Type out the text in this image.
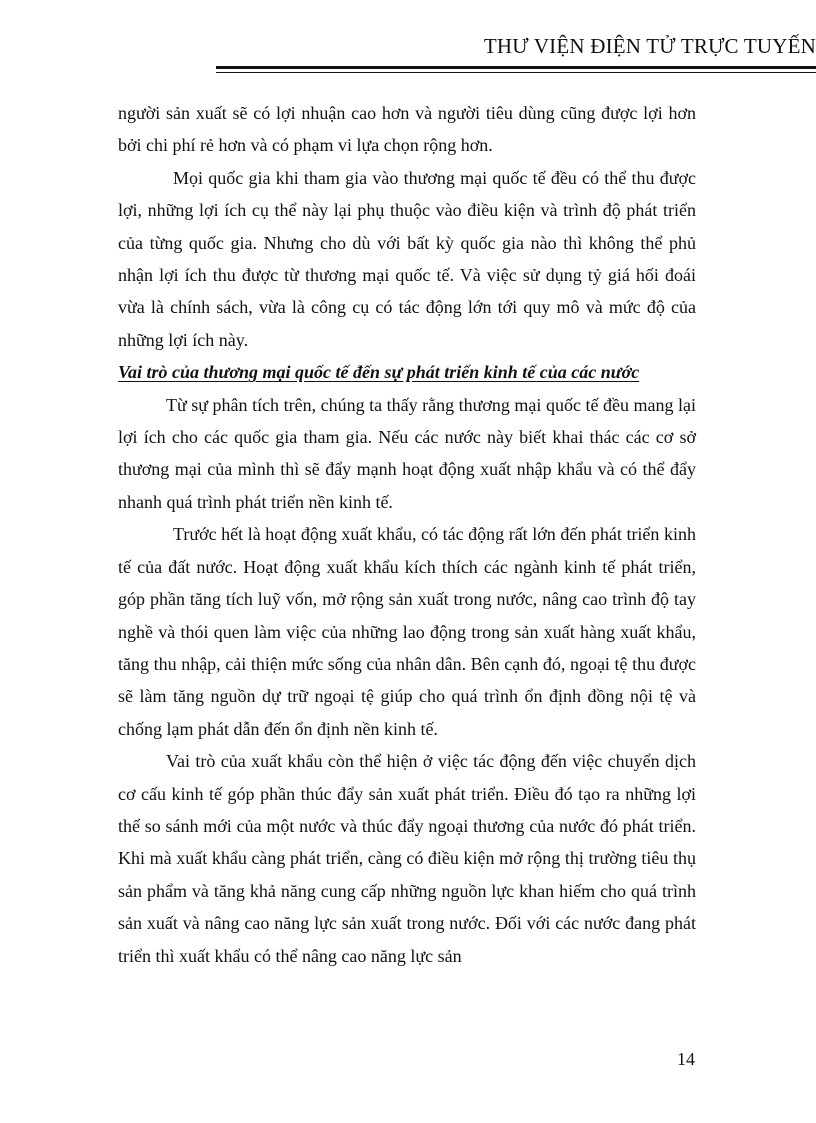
THƯ VIỆN ĐIỆN TỬ TRỰC TUYẾN

người sản xuất sẽ có lợi nhuận cao hơn và người tiêu dùng cũng được lợi hơn bởi chi phí rẻ hơn và có phạm vi lựa chọn rộng hơn.

Mọi quốc gia khi tham gia vào thương mại quốc tế đều có thể thu được lợi, những lợi ích cụ thể này lại phụ thuộc vào điều kiện và trình độ phát triển của từng quốc gia. Nhưng cho dù với bất kỳ quốc gia nào thì không thể phủ nhận lợi ích thu được từ thương mại quốc tế. Và việc sử dụng tỷ giá hối đoái vừa là chính sách, vừa là công cụ có tác động lớn tới quy mô và mức độ của những lợi ích này.

Vai trò của thương mại quốc tế đến sự phát triển kinh tế của các nước

Từ sự phân tích trên, chúng ta thấy rằng thương mại quốc tế đều mang lại lợi ích cho các quốc gia tham gia. Nếu các nước này biết khai thác các cơ sở thương mại của mình thì sẽ đẩy mạnh hoạt động xuất nhập khẩu và có thể đẩy nhanh quá trình phát triển nền kinh tế.

Trước hết là hoạt động xuất khẩu, có tác động rất lớn đến phát triển kinh tế của đất nước. Hoạt động xuất khẩu kích thích các ngành kinh tế phát triển, góp phần tăng tích luỹ vốn, mở rộng sản xuất trong nước, nâng cao trình độ tay nghề và thói quen làm việc của những lao động trong sản xuất hàng xuất khẩu, tăng thu nhập, cải thiện mức sống của nhân dân. Bên cạnh đó, ngoại tệ thu được sẽ làm tăng nguồn dự trữ ngoại tệ giúp cho quá trình ổn định đồng nội tệ và chống lạm phát dẫn đến ổn định nền kinh tế.

Vai trò của xuất khẩu còn thể hiện ở việc tác động đến việc chuyển dịch cơ cấu kinh tế góp phần thúc đẩy sản xuất phát triển. Điều đó tạo ra những lợi thế so sánh mới của một nước và thúc đẩy ngoại thương của nước đó phát triển. Khi mà xuất khẩu càng phát triển, càng có điều kiện mở rộng thị trường tiêu thụ sản phẩm và tăng khả năng cung cấp những nguồn lực khan hiếm cho quá trình sản xuất và nâng cao năng lực sản xuất trong nước. Đối với các nước đang phát triển thì xuất khẩu có thể nâng cao năng lực sản

14
